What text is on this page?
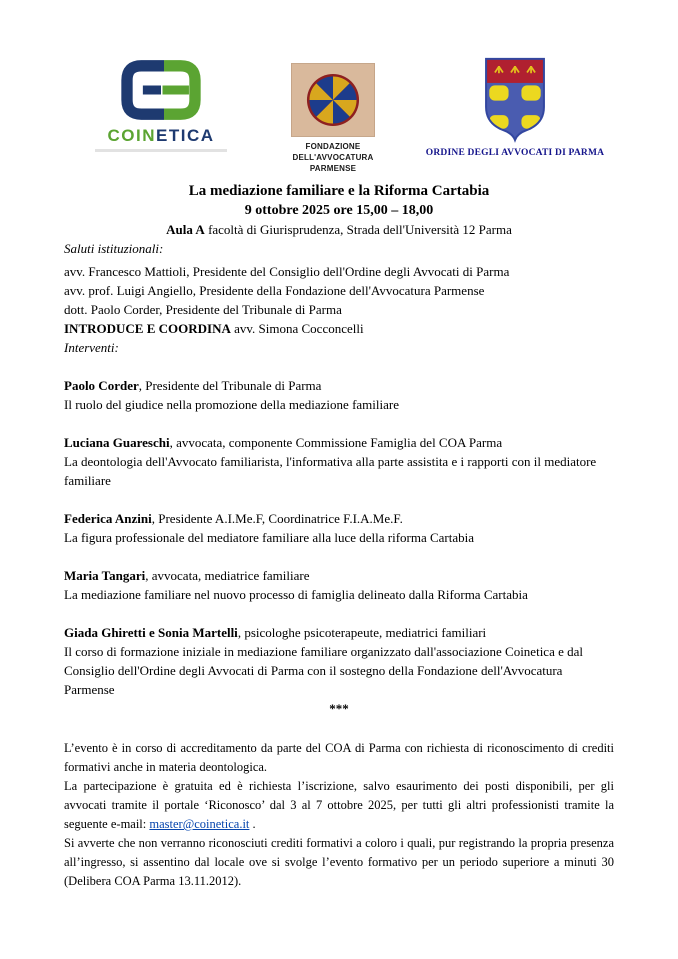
COINETICA
FONDAZIONE
DELL'AVVOCATURA
PARMENSE
ORDINE DEGLI AVVOCATI DI PARMA

La mediazione familiare e la Riforma Cartabia

9 ottobre 2025 ore 15,00 – 18,00

Aula A facoltà di Giurisprudenza, Strada dell'Università 12 Parma

Saluti istituzionali:

avv. Francesco Mattioli, Presidente del Consiglio dell'Ordine degli Avvocati di Parma

avv. prof. Luigi Angiello, Presidente della Fondazione dell'Avvocatura Parmense

dott. Paolo Corder, Presidente del Tribunale di Parma

INTRODUCE E COORDINA avv. Simona Cocconcelli

Interventi:

Paolo Corder, Presidente del Tribunale di Parma

Il ruolo del giudice nella promozione della mediazione familiare

Luciana Guareschi, avvocata, componente Commissione Famiglia del COA Parma

La deontologia dell'Avvocato familiarista, l'informativa alla parte assistita e i rapporti con il mediatore familiare

Federica Anzini, Presidente A.I.Me.F, Coordinatrice F.I.A.Me.F.

La figura professionale del mediatore familiare alla luce della riforma Cartabia

Maria Tangari, avvocata, mediatrice familiare

La mediazione familiare nel nuovo processo di famiglia delineato dalla Riforma Cartabia

Giada Ghiretti e Sonia Martelli, psicologhe psicoterapeute, mediatrici familiari

Il corso di formazione iniziale in mediazione familiare organizzato dall'associazione Coinetica e dal Consiglio dell'Ordine degli Avvocati di Parma con il sostegno della Fondazione dell'Avvocatura Parmense

***

L’evento è in corso di accreditamento da parte del COA di Parma con richiesta di riconoscimento di crediti formativi anche in materia deontologica.

La partecipazione è gratuita ed è richiesta l’iscrizione, salvo esaurimento dei posti disponibili, per gli avvocati tramite il portale ‘Riconosco’ dal 3 al 7 ottobre 2025, per tutti gli altri professionisti tramite la seguente e-mail: master@coinetica.it .

Si avverte che non verranno riconosciuti crediti formativi a coloro i quali, pur registrando la propria presenza all’ingresso, si assentino dal locale ove si svolge l’evento formativo per un periodo superiore a minuti 30 (Delibera COA Parma 13.11.2012).
